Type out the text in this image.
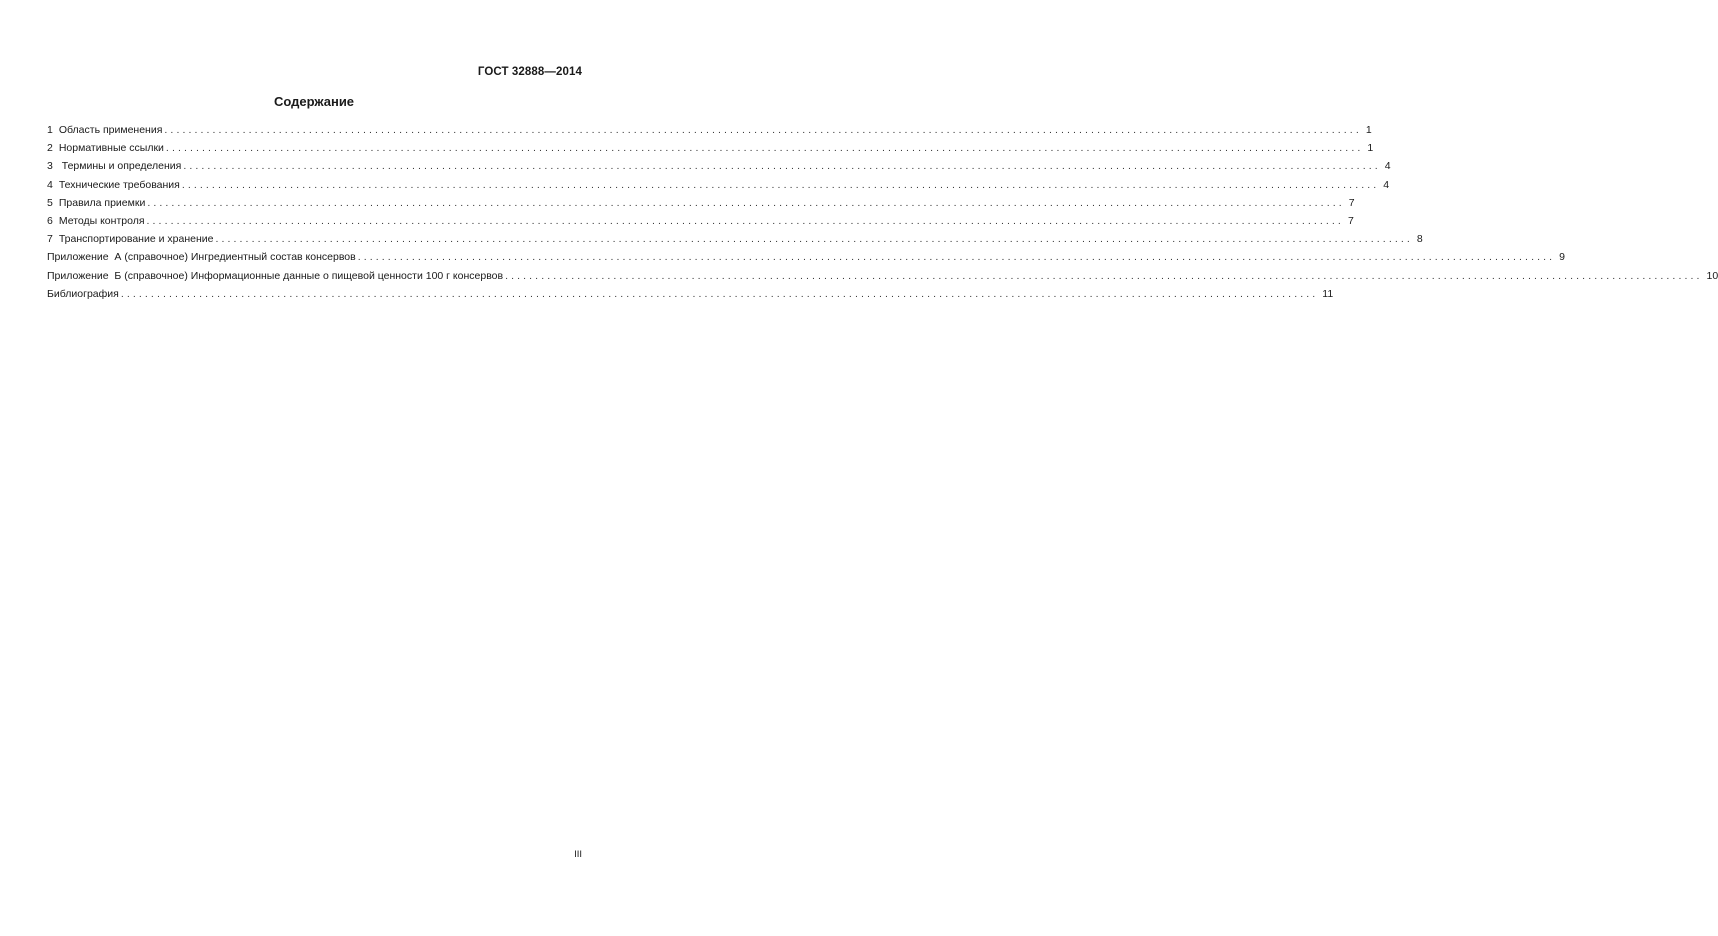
ГОСТ 32888—2014
Содержание
1 Область применения ....................................................................................................................................................................................................... 1
2 Нормативные ссылки ....................................................................................................................................................................................................... 1
3 Термины и определения ....................................................................................................................................................................................................... 4
4 Технические требования ....................................................................................................................................................................................................... 4
5 Правила приемки ....................................................................................................................................................................................................... 7
6 Методы контроля ....................................................................................................................................................................................................... 7
7 Транспортирование и хранение ....................................................................................................................................................................................................... 8
Приложение  А (справочное) Ингредиентный состав консервов ....................................................................................................................................................................................................... 9
Приложение  Б (справочное) Информационные данные о пищевой ценности 100 г консервов ....................................................................................................................................................................................................... 10
Библиография ....................................................................................................................................................................................................... 11
III
